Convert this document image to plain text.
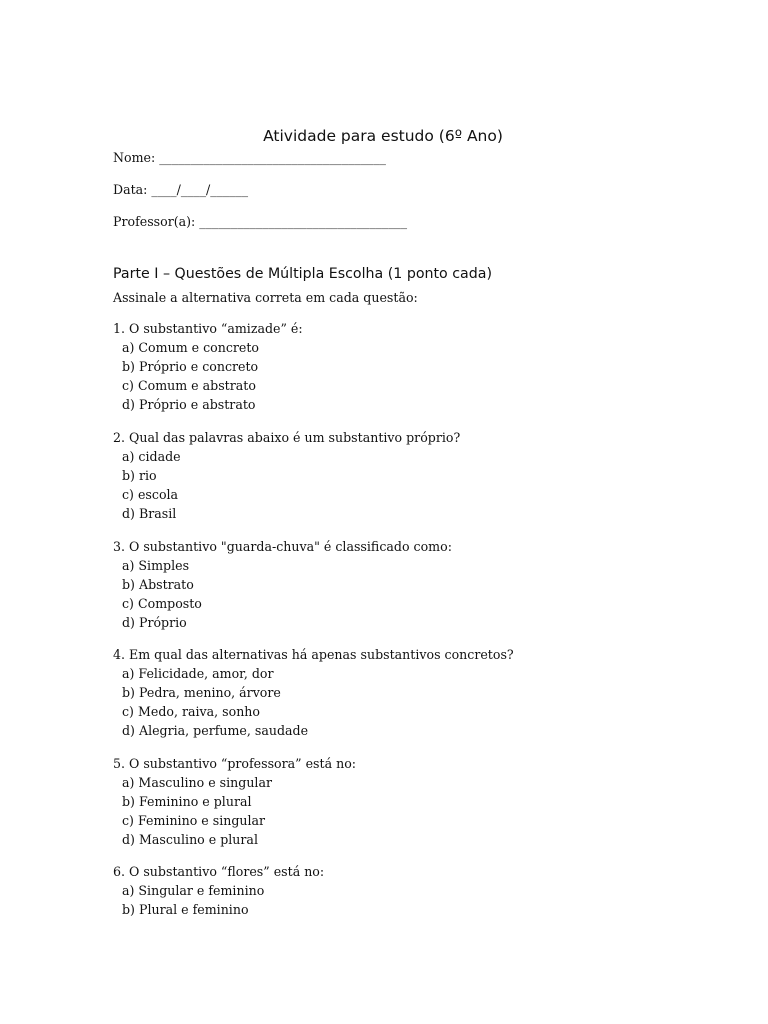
Atividade para estudo (6º Ano)
Nome: ____________________________________
Data: ____/____/______
Professor(a): _________________________________
Parte I – Questões de Múltipla Escolha (1 ponto cada)
Assinale a alternativa correta em cada questão:
1. O substantivo “amizade” é:
a) Comum e concreto
b) Próprio e concreto
c) Comum e abstrato
d) Próprio e abstrato
2. Qual das palavras abaixo é um substantivo próprio?
a) cidade
b) rio
c) escola
d) Brasil
3. O substantivo "guarda-chuva" é classificado como:
a) Simples
b) Abstrato
c) Composto
d) Próprio
4. Em qual das alternativas há apenas substantivos concretos?
a) Felicidade, amor, dor
b) Pedra, menino, árvore
c) Medo, raiva, sonho
d) Alegria, perfume, saudade
5. O substantivo “professora” está no:
a) Masculino e singular
b) Feminino e plural
c) Feminino e singular
d) Masculino e plural
6. O substantivo “flores” está no:
a) Singular e feminino
b) Plural e feminino
